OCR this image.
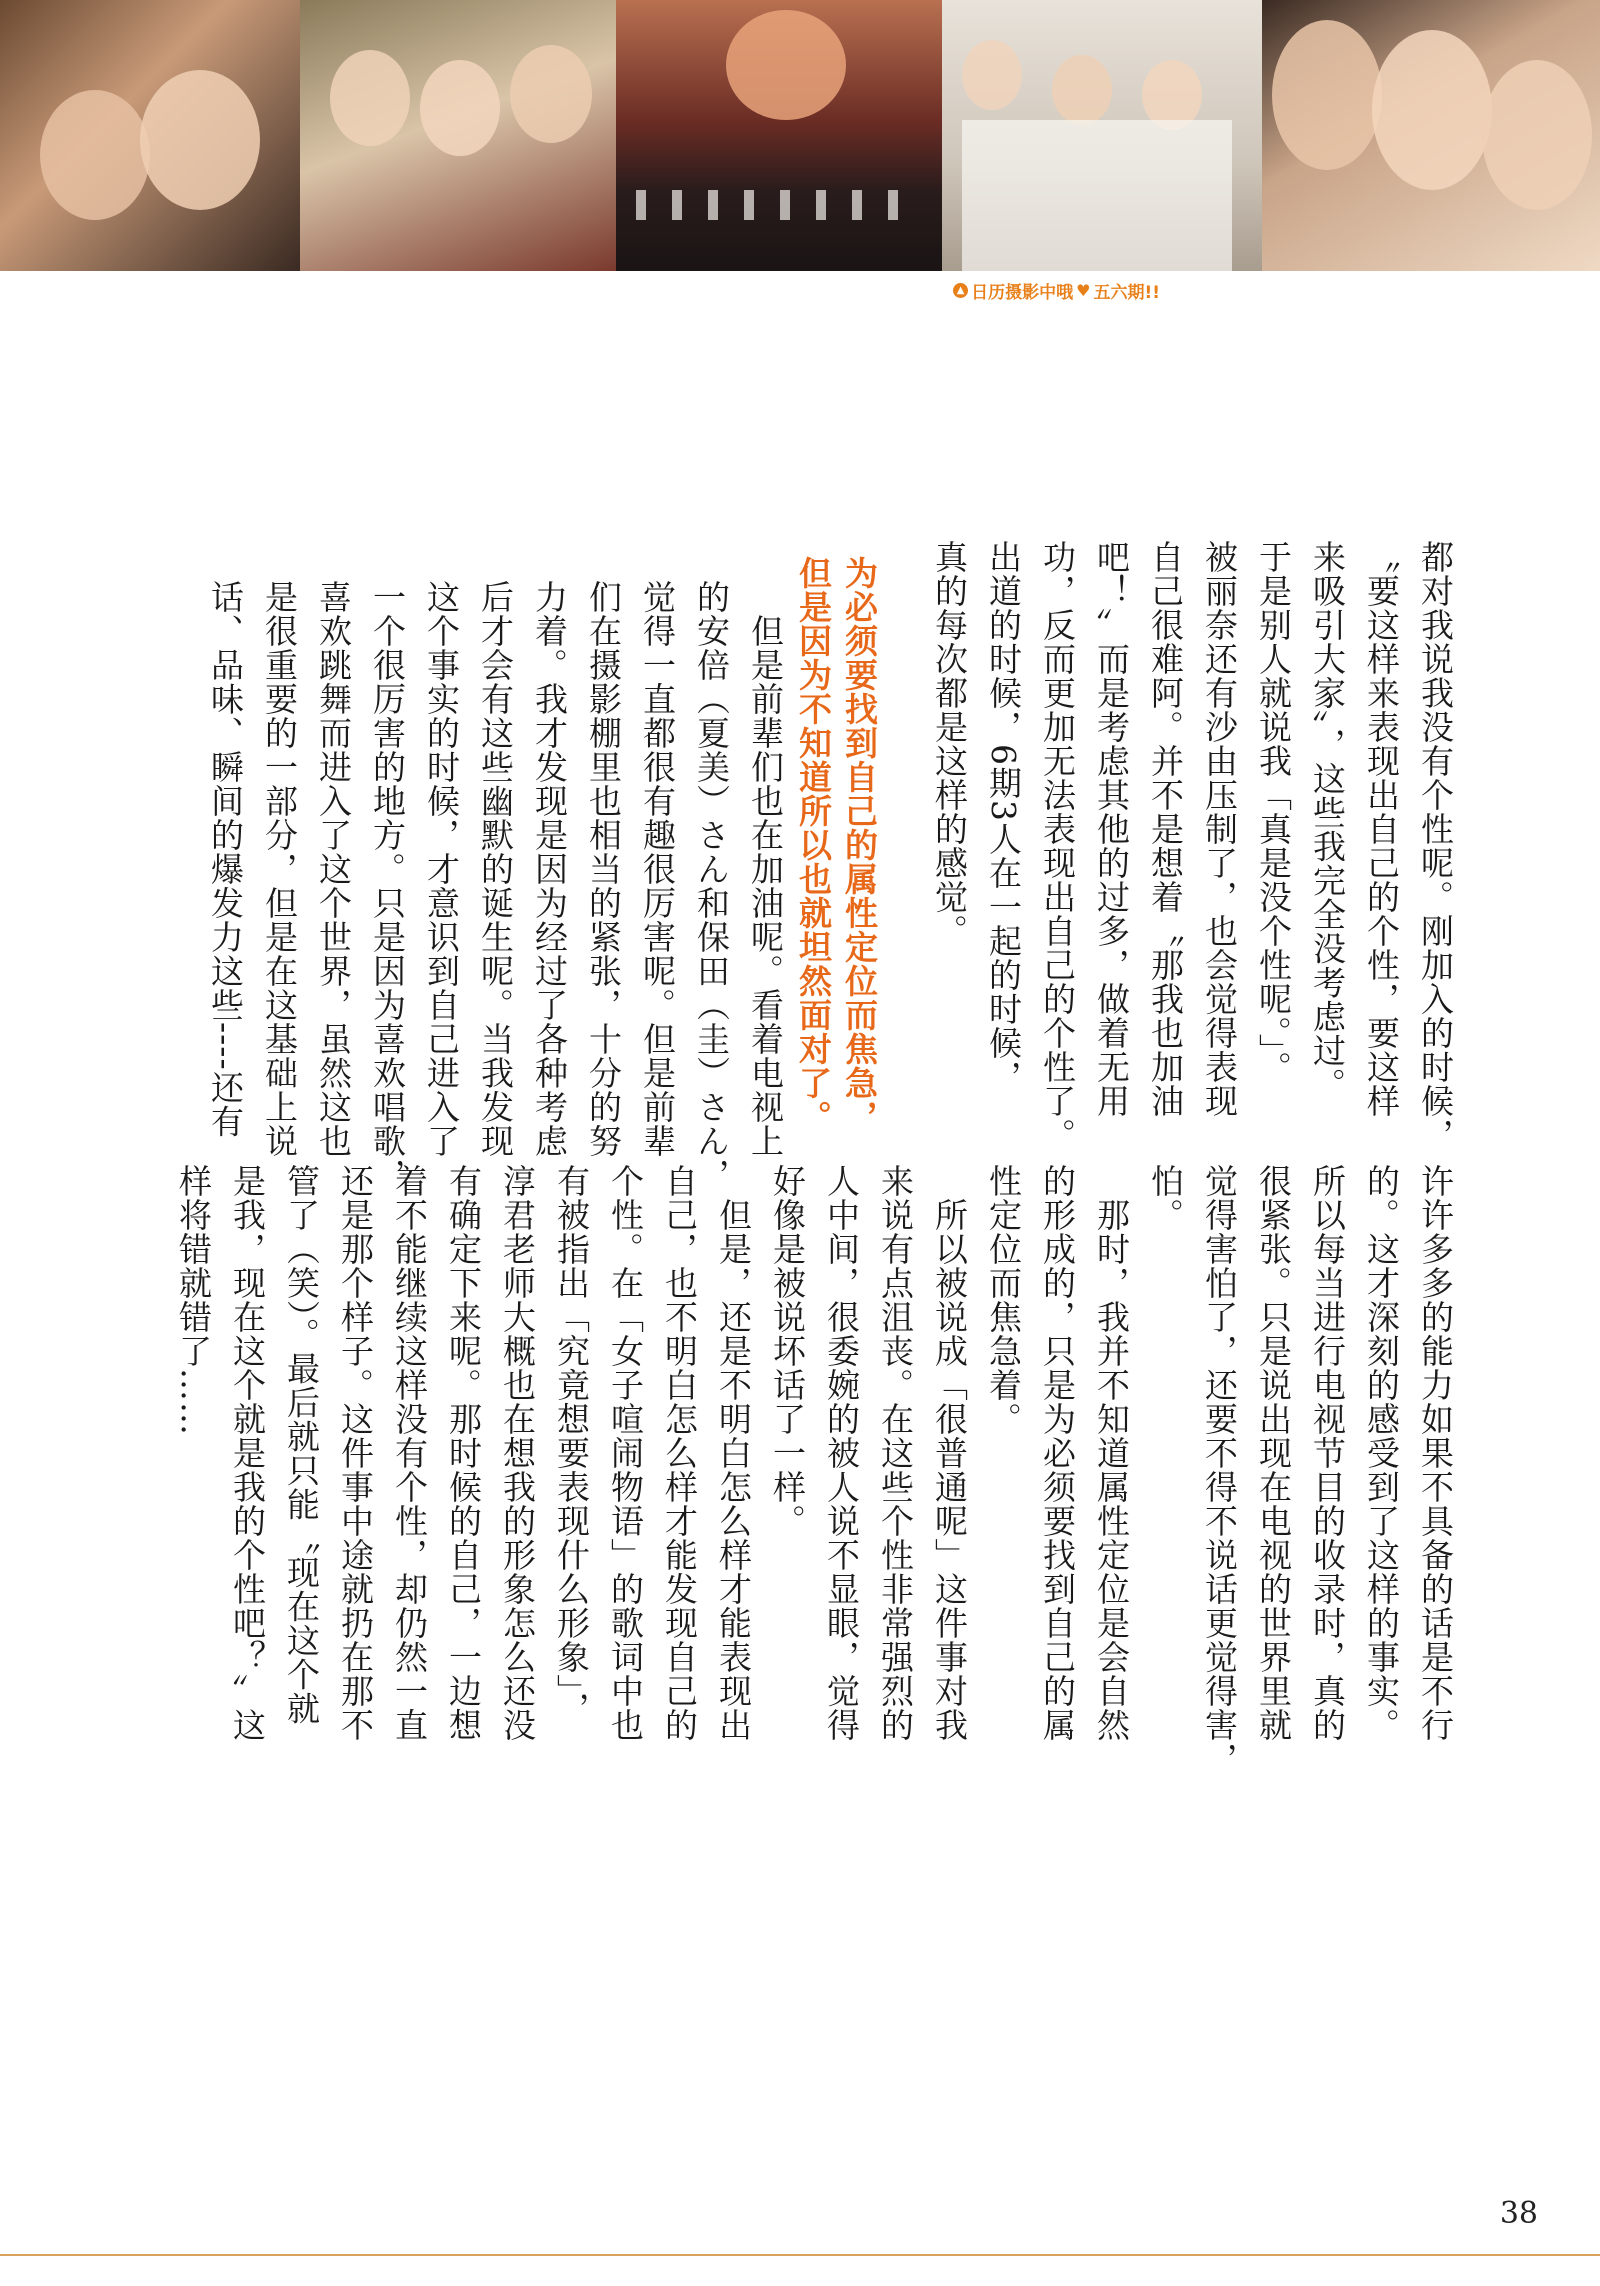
▲ 日历摄影中哦 ♥ 五六期!!
都对我说我没有个性呢。刚加入的时候，
〝要这样来表现出自己的个性，要这样
来吸引大家〞，这些我完全没考虑过。
于是别人就说我「真是没个性呢。」。
被丽奈还有沙由压制了，也会觉得表现
自己很难阿。并不是想着〝那我也加油
吧！〞而是考虑其他的过多，做着无用
功，反而更加无法表现出自己的个性了。
出道的时候，6期3人在一起的时候，
真的每次都是这样的感觉。
为必须要找到自己的属性定位而焦急，
但是因为不知道所以也就坦然面对了。
　但是前辈们也在加油呢。看着电视上
的安倍（夏美）さん和保田（圭）さん，
觉得一直都很有趣很厉害呢。但是前辈
们在摄影棚里也相当的紧张，十分的努
力着。我才发现是因为经过了各种考虑
后才会有这些幽默的诞生呢。当我发现
这个事实的时候，才意识到自己进入了
一个很厉害的地方。只是因为喜欢唱歌，
喜欢跳舞而进入了这个世界，虽然这也
是很重要的一部分，但是在这基础上说
话、品味、瞬间的爆发力这些----还有
许许多多的能力如果不具备的话是不行
的。这才深刻的感受到了这样的事实。
所以每当进行电视节目的收录时，真的
很紧张。只是说出现在电视的世界里就
觉得害怕了，还要不得不说话更觉得害，
怕。
　那时，我并不知道属性定位是会自然
的形成的，只是为必须要找到自己的属
性定位而焦急着。
　所以被说成「很普通呢」这件事对我
来说有点沮丧。在这些个性非常强烈的
人中间，很委婉的被人说不显眼，觉得
好像是被说坏话了一样。
　但是，还是不明白怎么样才能表现出
自己，也不明白怎么样才能发现自己的
个性。在「女子喧闹物语」的歌词中也
有被指出「究竟想要表现什么形象」，
淳君老师大概也在想我的形象怎么还没
有确定下来呢。那时候的自己，一边想
着不能继续这样没有个性，却仍然一直
还是那个样子。这件事中途就扔在那不
管了（笑）。最后就只能〝现在这个就
是我，现在这个就是我的个性吧？〞这
样将错就错了……
38
